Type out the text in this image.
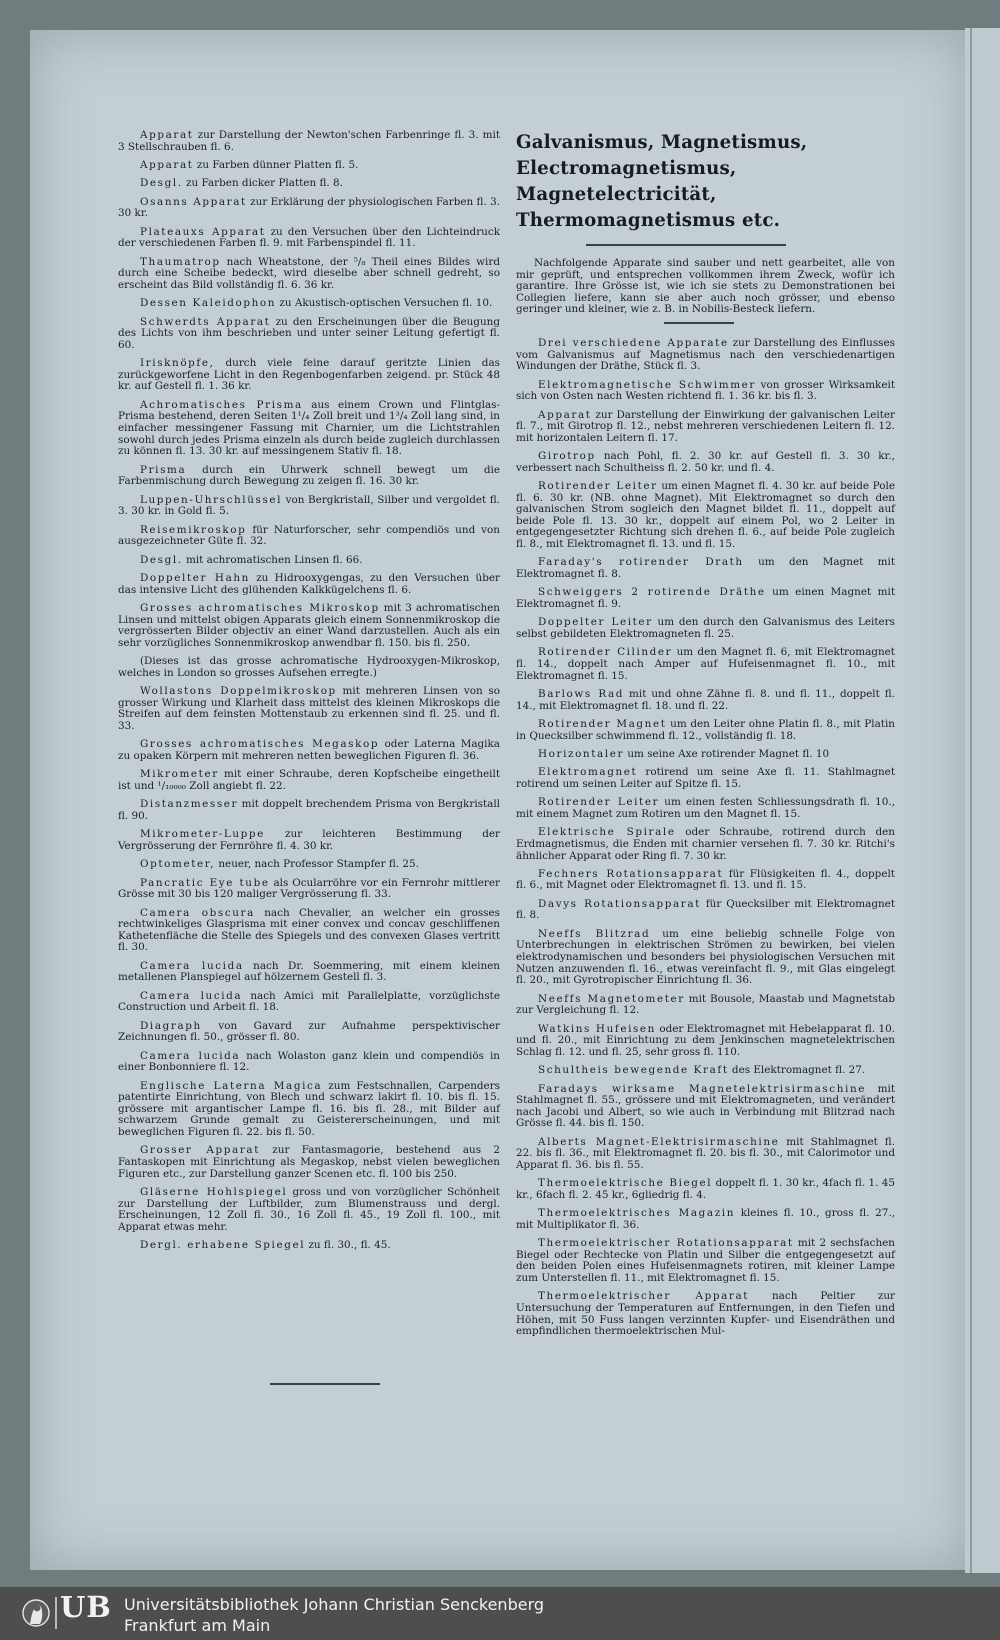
Apparat zur Darstellung der Newton'schen Farbenringe fl. 3. mit 3 Stellschrauben fl. 6.

Apparat zu Farben dünner Platten fl. 5.

Desgl. zu Farben dicker Platten fl. 8.

Osanns Apparat zur Erklärung der physiologischen Farben fl. 3. 30 kr.

Plateauxs Apparat zu den Versuchen über den Lichteindruck der verschiedenen Farben fl. 9. mit Farbenspindel fl. 11.

Thaumatrop nach Wheatstone, der ⁵/₈ Theil eines Bildes wird durch eine Scheibe bedeckt, wird dieselbe aber schnell gedreht, so erscheint das Bild vollständig fl. 6. 36 kr.

Dessen Kaleidophon zu Akustisch-optischen Versuchen fl. 10.

Schwerdts Apparat zu den Erscheinungen über die Beugung des Lichts von ihm beschrieben und unter seiner Leitung gefertigt fl. 60.

Irisknöpfe, durch viele feine darauf geritzte Linien das zurückgeworfene Licht in den Regenbogenfarben zeigend. pr. Stück 48 kr. auf Gestell fl. 1. 36 kr.

Achromatisches Prisma aus einem Crown und Flintglas-Prisma bestehend, deren Seiten 1¹/₄ Zoll breit und 1³/₄ Zoll lang sind, in einfacher messingener Fassung mit Charnier, um die Lichtstrahlen sowohl durch jedes Prisma einzeln als durch beide zugleich durchlassen zu können fl. 13. 30 kr. auf messingenem Stativ fl. 18.

Prisma durch ein Uhrwerk schnell bewegt um die Farbenmischung durch Bewegung zu zeigen fl. 16. 30 kr.

Luppen-Uhrschlüssel von Bergkristall, Silber und vergoldet fl. 3. 30 kr. in Gold fl. 5.

Reisemikroskop für Naturforscher, sehr compendiös und von ausgezeichneter Güte fl. 32.

Desgl. mit achromatischen Linsen fl. 66.

Doppelter Hahn zu Hidrooxygengas, zu den Versuchen über das intensive Licht des glühenden Kalkkügelchens fl. 6.

Grosses achromatisches Mikroskop mit 3 achromatischen Linsen und mittelst obigen Apparats gleich einem Sonnenmikroskop die vergrösserten Bilder objectiv an einer Wand darzustellen. Auch als ein sehr vorzügliches Sonnenmikroskop anwendbar fl. 150. bis fl. 250.

(Dieses ist das grosse achromatische Hydrooxygen-Mikroskop, welches in London so grosses Aufsehen erregte.)

Wollastons Doppelmikroskop mit mehreren Linsen von so grosser Wirkung und Klarheit dass mittelst des kleinen Mikroskops die Streifen auf dem feinsten Mottenstaub zu erkennen sind fl. 25. und fl. 33.

Grosses achromatisches Megaskop oder Laterna Magika zu opaken Körpern mit mehreren netten beweglichen Figuren fl. 36.

Mikrometer mit einer Schraube, deren Kopfscheibe eingetheilt ist und ¹/₁₀₀₀₀ Zoll angiebt fl. 22.

Distanzmesser mit doppelt brechendem Prisma von Bergkristall fl. 90.

Mikrometer-Luppe zur leichteren Bestimmung der Vergrösserung der Fernröhre fl. 4. 30 kr.

Optometer, neuer, nach Professor Stampfer fl. 25.

Pancratic Eye tube als Ocularröhre vor ein Fernrohr mittlerer Grösse mit 30 bis 120 maliger Vergrösserung fl. 33.

Camera obscura nach Chevalier, an welcher ein grosses rechtwinkeliges Glasprisma mit einer convex und concav geschliffenen Kathetenfläche die Stelle des Spiegels und des convexen Glases vertritt fl. 30.

Camera lucida nach Dr. Soemmering, mit einem kleinen metallenen Planspiegel auf hölzernem Gestell fl. 3.

Camera lucida nach Amici mit Parallelplatte, vorzüglichste Construction und Arbeit fl. 18.

Diagraph von Gavard zur Aufnahme perspektivischer Zeichnungen fl. 50., grösser fl. 80.

Camera lucida nach Wolaston ganz klein und compendiös in einer Bonbonniere fl. 12.

Englische Laterna Magica zum Festschnallen, Carpenders patentirte Einrichtung, von Blech und schwarz lakirt fl. 10. bis fl. 15. grössere mit argantischer Lampe fl. 16. bis fl. 28., mit Bilder auf schwarzem Grunde gemalt zu Geistererscheinungen, und mit beweglichen Figuren fl. 22. bis fl. 50.

Grosser Apparat zur Fantasmagorie, bestehend aus 2 Fantaskopen mit Einrichtung als Megaskop, nebst vielen beweglichen Figuren etc., zur Darstellung ganzer Scenen etc. fl. 100 bis 250.

Gläserne Hohlspiegel gross und von vorzüglicher Schönheit zur Darstellung der Luftbilder, zum Blumenstrauss und dergl. Erscheinungen, 12 Zoll fl. 30., 16 Zoll fl. 45., 19 Zoll fl. 100., mit Apparat etwas mehr.

Dergl. erhabene Spiegel zu fl. 30., fl. 45.

Galvanismus, Magnetismus, Electromagnetismus, Magnetelectricität, Thermomagnetismus etc.

Nachfolgende Apparate sind sauber und nett gearbeitet, alle von mir geprüft, und entsprechen vollkommen ihrem Zweck, wofür ich garantire. Ihre Grösse ist, wie ich sie stets zu Demonstrationen bei Collegien liefere, kann sie aber auch noch grösser, und ebenso geringer und kleiner, wie z. B. in Nobilis-Besteck liefern.

Drei verschiedene Apparate zur Darstellung des Einflusses vom Galvanismus auf Magnetismus nach den verschiedenartigen Windungen der Dräthe, Stück fl. 3.

Elektromagnetische Schwimmer von grosser Wirksamkeit sich von Osten nach Westen richtend fl. 1. 36 kr. bis fl. 3.

Apparat zur Darstellung der Einwirkung der galvanischen Leiter fl. 7., mit Girotrop fl. 12., nebst mehreren verschiedenen Leitern fl. 12. mit horizontalen Leitern fl. 17.

Girotrop nach Pohl, fl. 2. 30 kr. auf Gestell fl. 3. 30 kr., verbessert nach Schultheiss fl. 2. 50 kr. und fl. 4.

Rotirender Leiter um einen Magnet fl. 4. 30 kr. auf beide Pole fl. 6. 30 kr. (NB. ohne Magnet). Mit Elektromagnet so durch den galvanischen Strom sogleich den Magnet bildet fl. 11., doppelt auf beide Pole fl. 13. 30 kr., doppelt auf einem Pol, wo 2 Leiter in entgegengesetzter Richtung sich drehen fl. 6., auf beide Pole zugleich fl. 8., mit Elektromagnet fl. 13. und fl. 15.

Faraday's rotirender Drath um den Magnet mit Elektromagnet fl. 8.

Schweiggers 2 rotirende Dräthe um einen Magnet mit Elektromagnet fl. 9.

Doppelter Leiter um den durch den Galvanismus des Leiters selbst gebildeten Elektromagneten fl. 25.

Rotirender Cilinder um den Magnet fl. 6, mit Elektromagnet fl. 14., doppelt nach Amper auf Hufeisenmagnet fl. 10., mit Elektromagnet fl. 15.

Barlows Rad mit und ohne Zähne fl. 8. und fl. 11., doppelt fl. 14., mit Elektromagnet fl. 18. und fl. 22.

Rotirender Magnet um den Leiter ohne Platin fl. 8., mit Platin in Quecksilber schwimmend fl. 12., vollständig fl. 18.

Horizontaler um seine Axe rotirender Magnet fl. 10

Elektromagnet rotirend um seine Axe fl. 11. Stahlmagnet rotirend um seinen Leiter auf Spitze fl. 15.

Rotirender Leiter um einen festen Schliessungsdrath fl. 10., mit einem Magnet zum Rotiren um den Magnet fl. 15.

Elektrische Spirale oder Schraube, rotirend durch den Erdmagnetismus, die Enden mit charnier versehen fl. 7. 30 kr. Ritchi's ähnlicher Apparat oder Ring fl. 7. 30 kr.

Fechners Rotationsapparat für Flüsigkeiten fl. 4., doppelt fl. 6., mit Magnet oder Elektromagnet fl. 13. und fl. 15.

Davys Rotationsapparat für Quecksilber mit Elektromagnet fl. 8.

Neeffs Blitzrad um eine beliebig schnelle Folge von Unterbrechungen in elektrischen Strömen zu bewirken, bei vielen elektrodynamischen und besonders bei physiologischen Versuchen mit Nutzen anzuwenden fl. 16., etwas vereinfacht fl. 9., mit Glas eingelegt fl. 20., mit Gyrotropischer Einrichtung fl. 36.

Neeffs Magnetometer mit Bousole, Maastab und Magnetstab zur Vergleichung fl. 12.

Watkins Hufeisen oder Elektromagnet mit Hebelapparat fl. 10. und fl. 20., mit Einrichtung zu dem Jenkinschen magnetelektrischen Schlag fl. 12. und fl. 25, sehr gross fl. 110.

Schultheis bewegende Kraft des Elektromagnet fl. 27.

Faradays wirksame Magnetelektrisirmaschine mit Stahlmagnet fl. 55., grössere und mit Elektromagneten, und verändert nach Jacobi und Albert, so wie auch in Verbindung mit Blitzrad nach Grösse fl. 44. bis fl. 150.

Alberts Magnet-Elektrisirmaschine mit Stahlmagnet fl. 22. bis fl. 36., mit Elektromagnet fl. 20. bis fl. 30., mit Calorimotor und Apparat fl. 36. bis fl. 55.

Thermoelektrische Biegel doppelt fl. 1. 30 kr., 4fach fl. 1. 45 kr., 6fach fl. 2. 45 kr., 6gliedrig fl. 4.

Thermoelektrisches Magazin kleines fl. 10., gross fl. 27., mit Multiplikator fl. 36.

Thermoelektrischer Rotationsapparat mit 2 sechsfachen Biegel oder Rechtecke von Platin und Silber die entgegengesetzt auf den beiden Polen eines Hufeisenmagnets rotiren, mit kleiner Lampe zum Unterstellen fl. 11., mit Elektromagnet fl. 15.

Thermoelektrischer Apparat nach Peltier zur Untersuchung der Temperaturen auf Entfernungen, in den Tiefen und Höhen, mit 50 Fuss langen verzinnten Kupfer- und Eisendräthen und empfindlichen thermoelektrischen Mul-

UB Universitätsbibliothek Johann Christian Senckenberg
Frankfurt am Main
